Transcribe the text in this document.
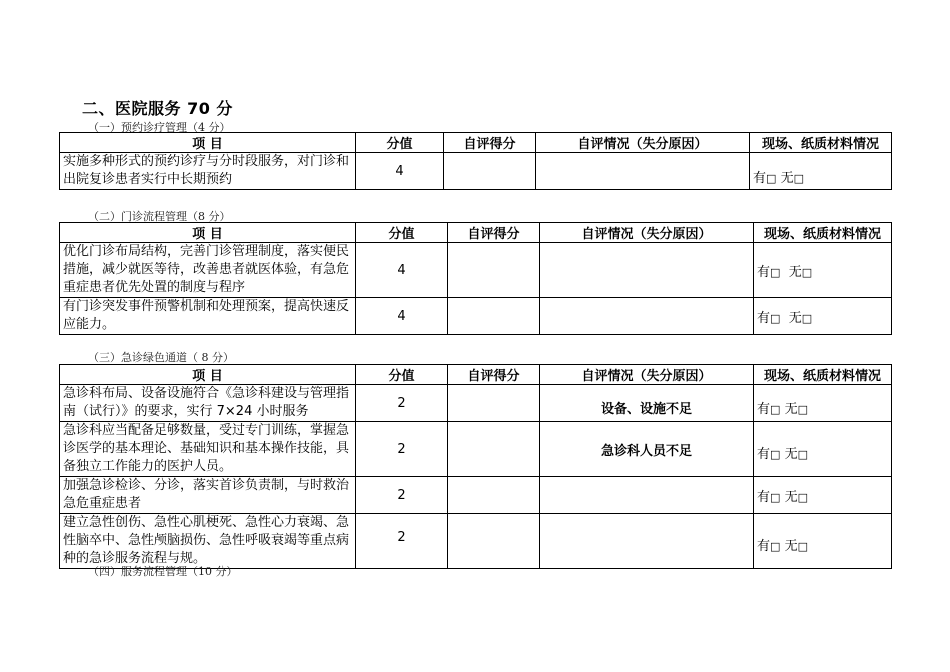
二、医院服务 70 分
（一）预约诊疗管理（4 分）
项 目	分值	自评得分	自评情况（失分原因）	现场、纸质材料情况
实施多种形式的预约诊疗与分时段服务，对门诊和出院复诊患者实行中长期预约	4			有□ 无□
（二）门诊流程管理（8 分）
项 目	分值	自评得分	自评情况（失分原因）	现场、纸质材料情况
优化门诊布局结构，完善门诊管理制度，落实便民措施，减少就医等待，改善患者就医体验，有急危重症患者优先处置的制度与程序	4			有□ 无□
有门诊突发事件预警机制和处理预案，提高快速反应能力。	4			有□ 无□
（三）急诊绿色通道（ 8 分）
项 目	分值	自评得分	自评情况（失分原因）	现场、纸质材料情况
急诊科布局、设备设施符合《急诊科建设与管理指南（试行）》的要求，实行 7×24 小时服务	2		设备、设施不足	有□ 无□
急诊科应当配备足够数量，受过专门训练，掌握急诊医学的基本理论、基础知识和基本操作技能，具备独立工作能力的医护人员。	2		急诊科人员不足	有□ 无□
加强急诊检诊、分诊，落实首诊负责制，与时救治急危重症患者	2			有□ 无□
建立急性创伤、急性心肌梗死、急性心力衰竭、急性脑卒中、急性颅脑损伤、急性呼吸衰竭等重点病种的急诊服务流程与规。	2			有□ 无□
（四）服务流程管理（10 分）
